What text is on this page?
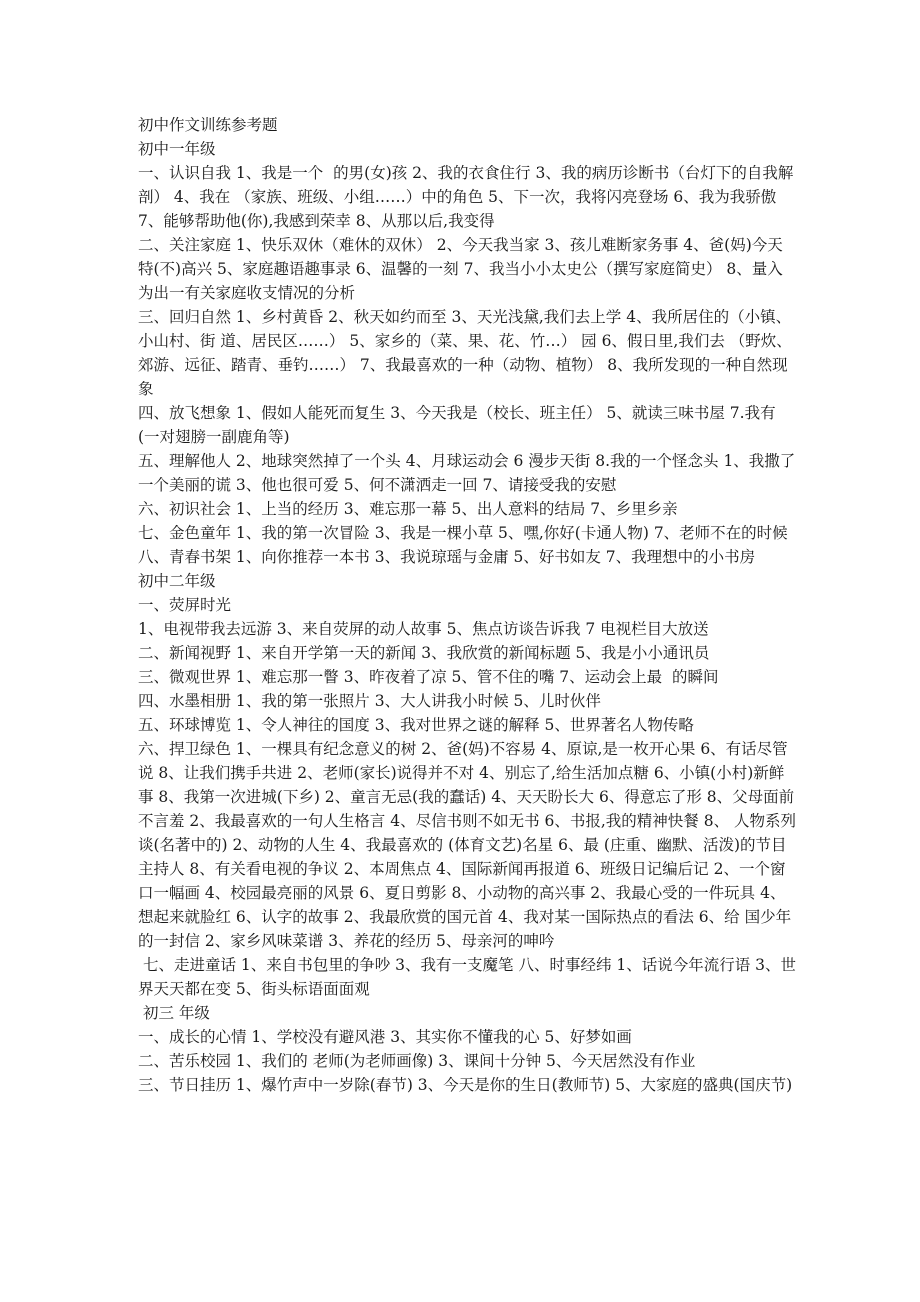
初中作文训练参考题

初中一年级

一、认识自我 1、我是一个  的男(女)孩 2、我的衣食住行 3、我的病历诊断书（台灯下的自我解剖） 4、我在 （家族、班级、小组……）中的角色 5、下一次，我将闪亮登场 6、我为我骄傲 7、能够帮助他(你),我感到荣幸 8、从那以后,我变得

二、关注家庭 1、快乐双休（难休的双休） 2、今天我当家 3、孩儿难断家务事 4、爸(妈)今天特(不)高兴 5、家庭趣语趣事录 6、温馨的一刻 7、我当小小太史公（撰写家庭简史） 8、量入为出一有关家庭收支情况的分析

三、回归自然 1、乡村黄昏 2、秋天如约而至 3、天光浅黛,我们去上学 4、我所居住的（小镇、小山村、街 道、居民区……） 5、家乡的（菜、果、花、竹…） 园 6、假日里,我们去 （野炊、郊游、远征、踏青、垂钓……） 7、我最喜欢的一种（动物、植物） 8、我所发现的一种自然现象

四、放飞想象 1、假如人能死而复生 3、今天我是（校长、班主任） 5、就读三味书屋 7.我有 (一对翅膀一副鹿角等)

五、理解他人 2、地球突然掉了一个头 4、月球运动会 6 漫步天街 8.我的一个怪念头 1、我撒了一个美丽的谎 3、他也很可爱 5、何不潇洒走一回 7、请接受我的安慰

六、初识社会 1、上当的经历 3、难忘那一幕 5、出人意料的结局 7、乡里乡亲

七、金色童年 1、我的第一次冒险 3、我是一棵小草 5、嘿,你好(卡通人物) 7、老师不在的时候

八、青春书架 1、向你推荐一本书 3、我说琼瑶与金庸 5、好书如友 7、我理想中的小书房

初中二年级

一、荧屏时光

1、电视带我去远游 3、来自荧屏的动人故事 5、焦点访谈告诉我 7 电视栏目大放送

二、新闻视野 1、来自开学第一天的新闻 3、我欣赏的新闻标题 5、我是小小通讯员

三、微观世界 1、难忘那一瞥 3、昨夜着了凉 5、管不住的嘴 7、运动会上最  的瞬间

四、水墨相册 1、我的第一张照片 3、大人讲我小时候 5、儿时伙伴

五、环球博览 1、令人神往的国度 3、我对世界之谜的解释 5、世界著名人物传略

六、捍卫绿色 1、一棵具有纪念意义的树 2、爸(妈)不容易 4、原谅,是一枚开心果 6、有话尽管说 8、让我们携手共进 2、老师(家长)说得并不对 4、别忘了,给生活加点糖 6、小镇(小村)新鲜事 8、我第一次进城(下乡) 2、童言无忌(我的蠢话) 4、天天盼长大 6、得意忘了形 8、父母面前不言羞 2、我最喜欢的一句人生格言 4、尽信书则不如无书 6、书报,我的精神快餐 8、 人物系列谈(名著中的) 2、动物的人生 4、我最喜欢的 (体育文艺)名星 6、最 (庄重、幽默、活泼)的节目主持人 8、有关看电视的争议 2、本周焦点 4、国际新闻再报道 6、班级日记编后记 2、一个窗口一幅画 4、校园最亮丽的风景 6、夏日剪影 8、小动物的高兴事 2、我最心受的一件玩具 4、想起来就脸红 6、认字的故事 2、我最欣赏的国元首 4、我对某一国际热点的看法 6、给 国少年的一封信 2、家乡风味菜谱 3、养花的经历 5、母亲河的呻吟

七、走进童话 1、来自书包里的争吵 3、我有一支魔笔 八、时事经纬 1、话说今年流行语 3、世界天天都在变 5、街头标语面面观

初三 年级

一、成长的心情 1、学校没有避风港 3、其实你不懂我的心 5、好梦如画

二、苦乐校园 1、我们的 老师(为老师画像) 3、课间十分钟 5、今天居然没有作业

三、节日挂历 1、爆竹声中一岁除(春节) 3、今天是你的生日(教师节) 5、大家庭的盛典(国庆节)
